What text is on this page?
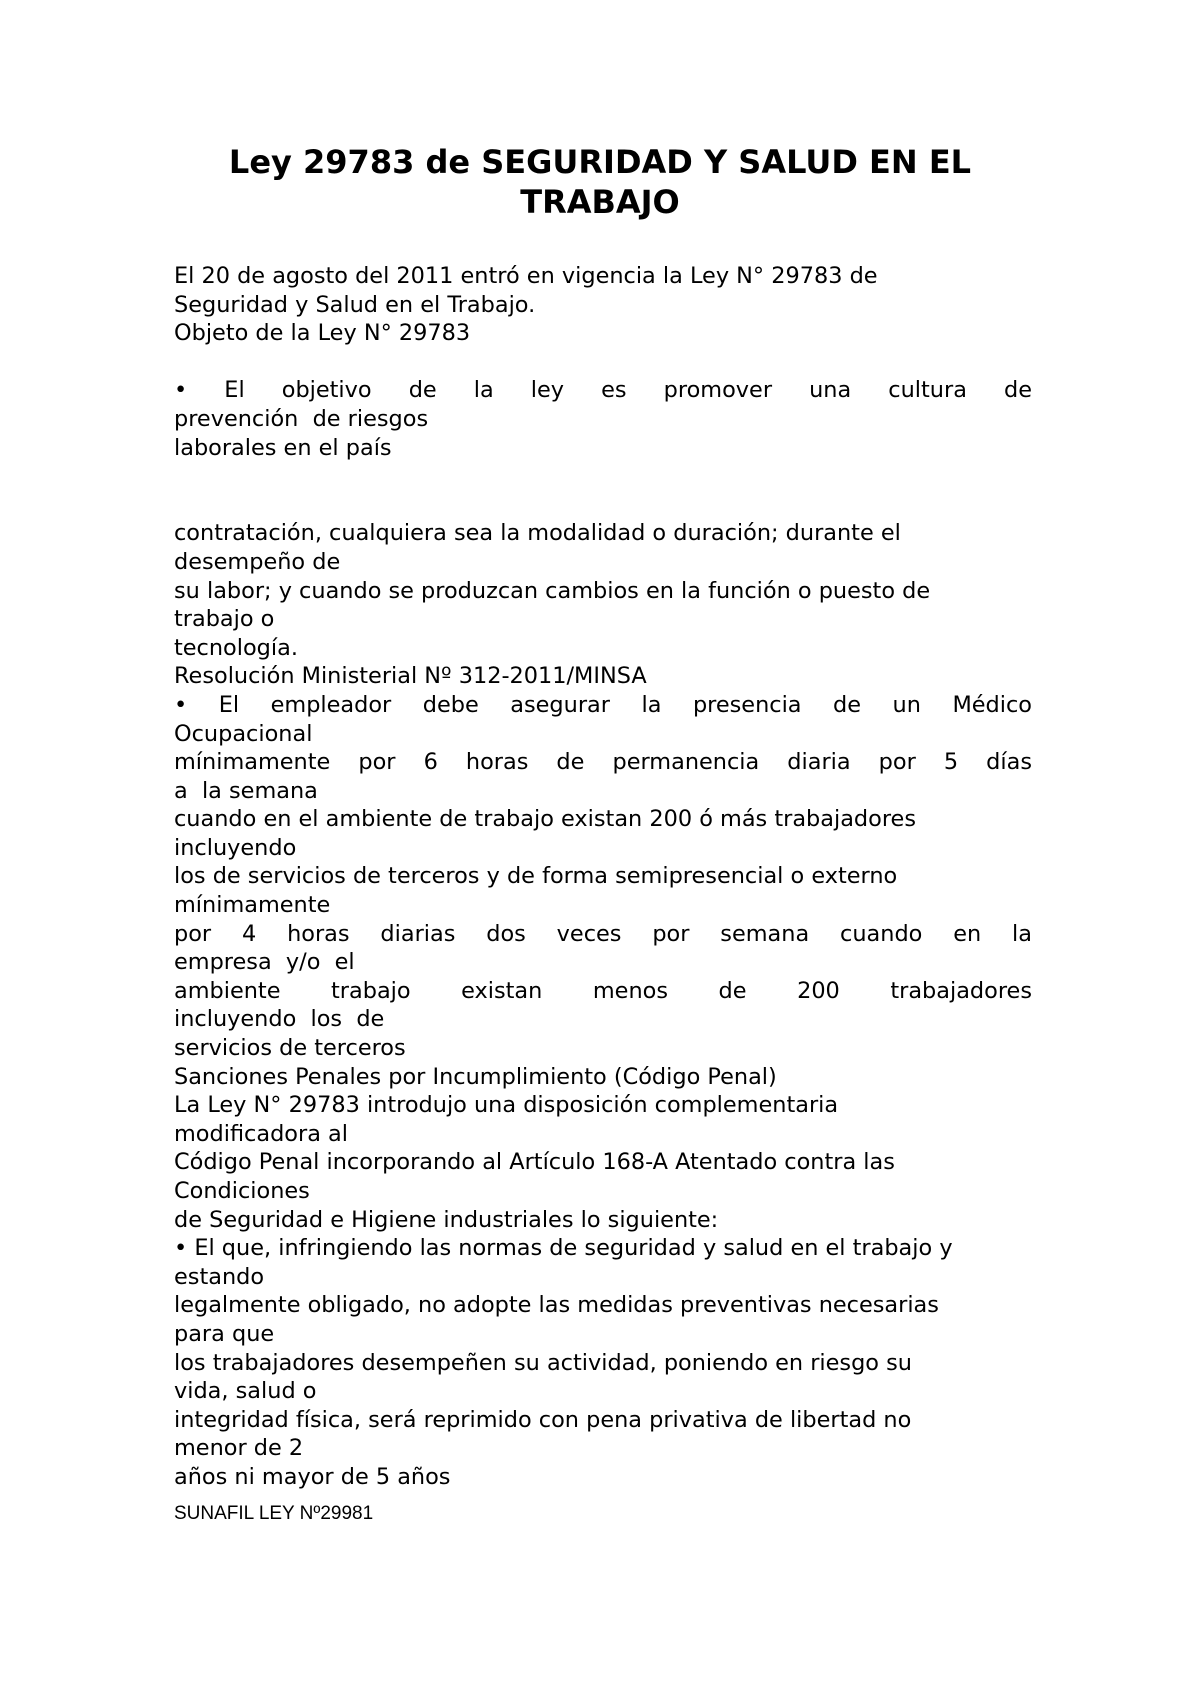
Ley 29783 de SEGURIDAD Y SALUD EN EL
TRABAJO
El 20 de agosto del 2011 entró en vigencia la Ley N° 29783 de
Seguridad y Salud en el Trabajo.
Objeto de la Ley N° 29783
• El objetivo de la ley es promover una cultura de
prevención  de riesgos
laborales en el país
contratación, cualquiera sea la modalidad o duración; durante el
desempeño de
su labor; y cuando se produzcan cambios en la función o puesto de
trabajo o
tecnología.
Resolución Ministerial Nº 312-2011/MINSA
• El empleador debe asegurar la presencia de un Médico
Ocupacional
mínimamente por 6 horas de permanencia diaria por 5 días
a  la semana
cuando en el ambiente de trabajo existan 200 ó más trabajadores
incluyendo
los de servicios de terceros y de forma semipresencial o externo
mínimamente
por 4 horas diarias dos veces por semana cuando en la
empresa  y/o  el
ambiente trabajo existan menos de 200 trabajadores
incluyendo  los  de
servicios de terceros
Sanciones Penales por Incumplimiento (Código Penal)
La Ley N° 29783 introdujo una disposición complementaria
modificadora al
Código Penal incorporando al Artículo 168-A Atentado contra las
Condiciones
de Seguridad e Higiene industriales lo siguiente:
• El que, infringiendo las normas de seguridad y salud en el trabajo y
estando
legalmente obligado, no adopte las medidas preventivas necesarias
para que
los trabajadores desempeñen su actividad, poniendo en riesgo su
vida, salud o
integridad física, será reprimido con pena privativa de libertad no
menor de 2
años ni mayor de 5 años
SUNAFIL LEY Nº29981
